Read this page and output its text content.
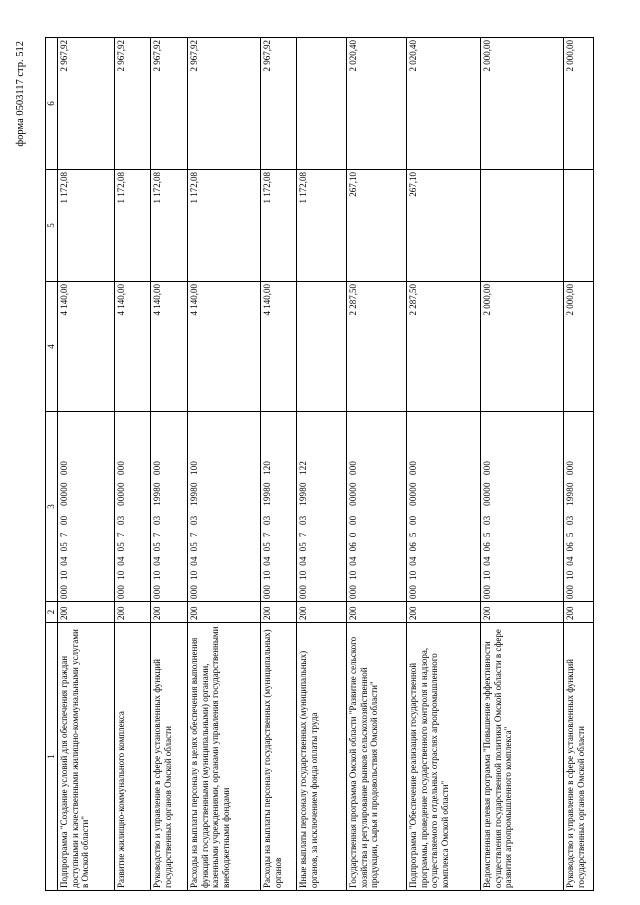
форма 0503117 стр. 512
1	2	3	4	5	6
Подпрограмма "Создание условий для обеспечения граждан доступными и качественными жилищно-коммунальными услугами в Омской области"	200	000  10  04  05  7   00    00000   000	4 140,00	1 172,08	2 967,92
Развитие жилищно-коммунального комплекса	200	000  10  04  05  7   03    00000   000	4 140,00	1 172,08	2 967,92
Руководство и управление в сфере установленных функций государственных органов Омской области	200	000  10  04  05  7   03    19980   000	4 140,00	1 172,08	2 967,92
Расходы на выплаты персоналу в целях обеспечения выполнения функций государственными (муниципальными) органами, казенными учреждениями, органами управления государственными внебюджетными фондами	200	000  10  04  05  7   03    19980   100	4 140,00	1 172,08	2 967,92
Расходы на выплаты персоналу государственных (муниципальных) органов	200	000  10  04  05  7   03    19980   120	4 140,00	1 172,08	2 967,92
Иные выплаты персоналу государственных (муниципальных) органов, за исключением фонда оплаты труда	200	000  10  04  05  7   03    19980   122		1 172,08	
Государственная программа Омской области "Развитие сельского хозяйства и регулирование рынков сельскохозяйственной продукции, сырья и продовольствия Омской области"	200	000  10  04  06  0   00    00000   000	2 287,50	267,10	2 020,40
Подпрограмма "Обеспечение реализации государственной программы, проведение государственного контроля и надзора, осуществляемого в отдельных отраслях агропромышленного комплекса Омской области"	200	000  10  04  06  5   00    00000   000	2 287,50	267,10	2 020,40
Ведомственная целевая программа "Повышение эффективности осуществления государственной политики Омской области в сфере развития агропромышленного комплекса"	200	000  10  04  06  5   03    00000   000	2 000,00		2 000,00
Руководство и управление в сфере установленных функций государственных органов Омской области	200	000  10  04  06  5   03    19980   000	2 000,00		2 000,00
